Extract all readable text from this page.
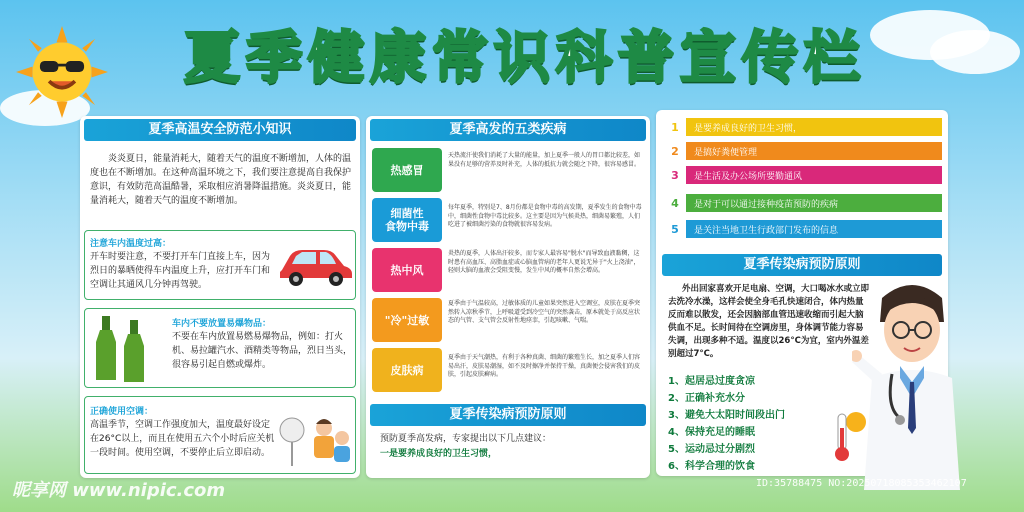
夏季健康常识科普宣传栏
夏季高温安全防范小知识
炎炎夏日，能量消耗大，随着天气的温度不断增加，人体的温度也在不断增加。在这种高温环境之下，我们要注意提高自我保护意识，有效防范高温酷暑，采取相应消暑降温措施。炎炎夏日，能量消耗大，随着天气的温度不断增加。
注意车内温度过高：
开车时要注意，不要打开车门直接上车，因为烈日的暴晒使得车内温度上升，应打开车门和空调让其通风几分钟再驾驶。
车内不要放置易爆物品：
不要在车内放置易燃易爆物品，例如：打火机、易拉罐汽水、酒精类等物品，烈日当头，很容易引起自燃或爆炸。
正确使用空调：
高温季节，空调工作强度加大，温度最好设定在26°C以上，而且在使用五六个小时后应关机一段时间。使用空调，不要停止后立即启动。
夏季高发的五类疾病
热感冒
天热流汗使我们消耗了大量的能量，加上夏季一般人的胃口都比较差，如果没有足够的营养及时补充，人体的抵抗力就会随之下降，很容易感冒。
细菌性
食物中毒
每年夏季，特别是7、8月份都是食物中毒的高发期，夏季发生的食物中毒中，细菌性食物中毒比较多。这主要是因为气候炎热，细菌易繁殖，人们吃进了被细菌污染的食物就很容易发病。
热中风
炎热的夏季，人体出汗较多，而专家人最容易"脱水"而导致血液黏稠，这时患有高血压、高脂血症或心脑血管病的老年人更说无异于"火上浇油"，轻则大脑的血液会受阻变慢，发生中风的概率自然会增高。
"冷"过敏
夏季由于气温较高，过敏体质的儿童如果突然进入空调室，皮肤在夏季突然转入凉秋季节，上呼吸道受到冷空气的突然袭击，原本就处于高反应状态的气管、支气管会反射性地痉挛，引起咳嗽、气喘。
皮肤病
夏季由于天气潮热，有利于各种真菌、细菌的繁殖生长，加之夏季人们容易出汗，皮肤易潮湿，如不及时擦净并保持干燥，真菌便会侵害我们的皮肤，引起皮肤癣病。
夏季传染病预防原则
预防夏季高发病，专家提出以下几点建议：
一是要养成良好的卫生习惯，
1	是要养成良好的卫生习惯，
2	是搞好粪便管理
3	是生活及办公场所要勤通风
4	是对于可以通过接种疫苗预防的疾病
5	是关注当地卫生行政部门发布的信息
夏季传染病预防原则
外出回家喜欢开足电扇、空调，大口喝冰水或立即去洗冷水澡，这样会使全身毛孔快速闭合，体内热量反而难以散发，还会因脑部血管迅速收缩而引起大脑供血不足。长时间待在空调房里，身体调节能力容易失调，出现多种不适。温度以26°C为宜，室内外温差别超过7°C。
1、起居忌过度贪凉
2、正确补充水分
3、避免大太阳时间段出门
4、保持充足的睡眠
5、运动忌过分剧烈
6、科学合理的饮食
昵享网 www.nipic.com	ID:35788475 NO:20250718085353462107
